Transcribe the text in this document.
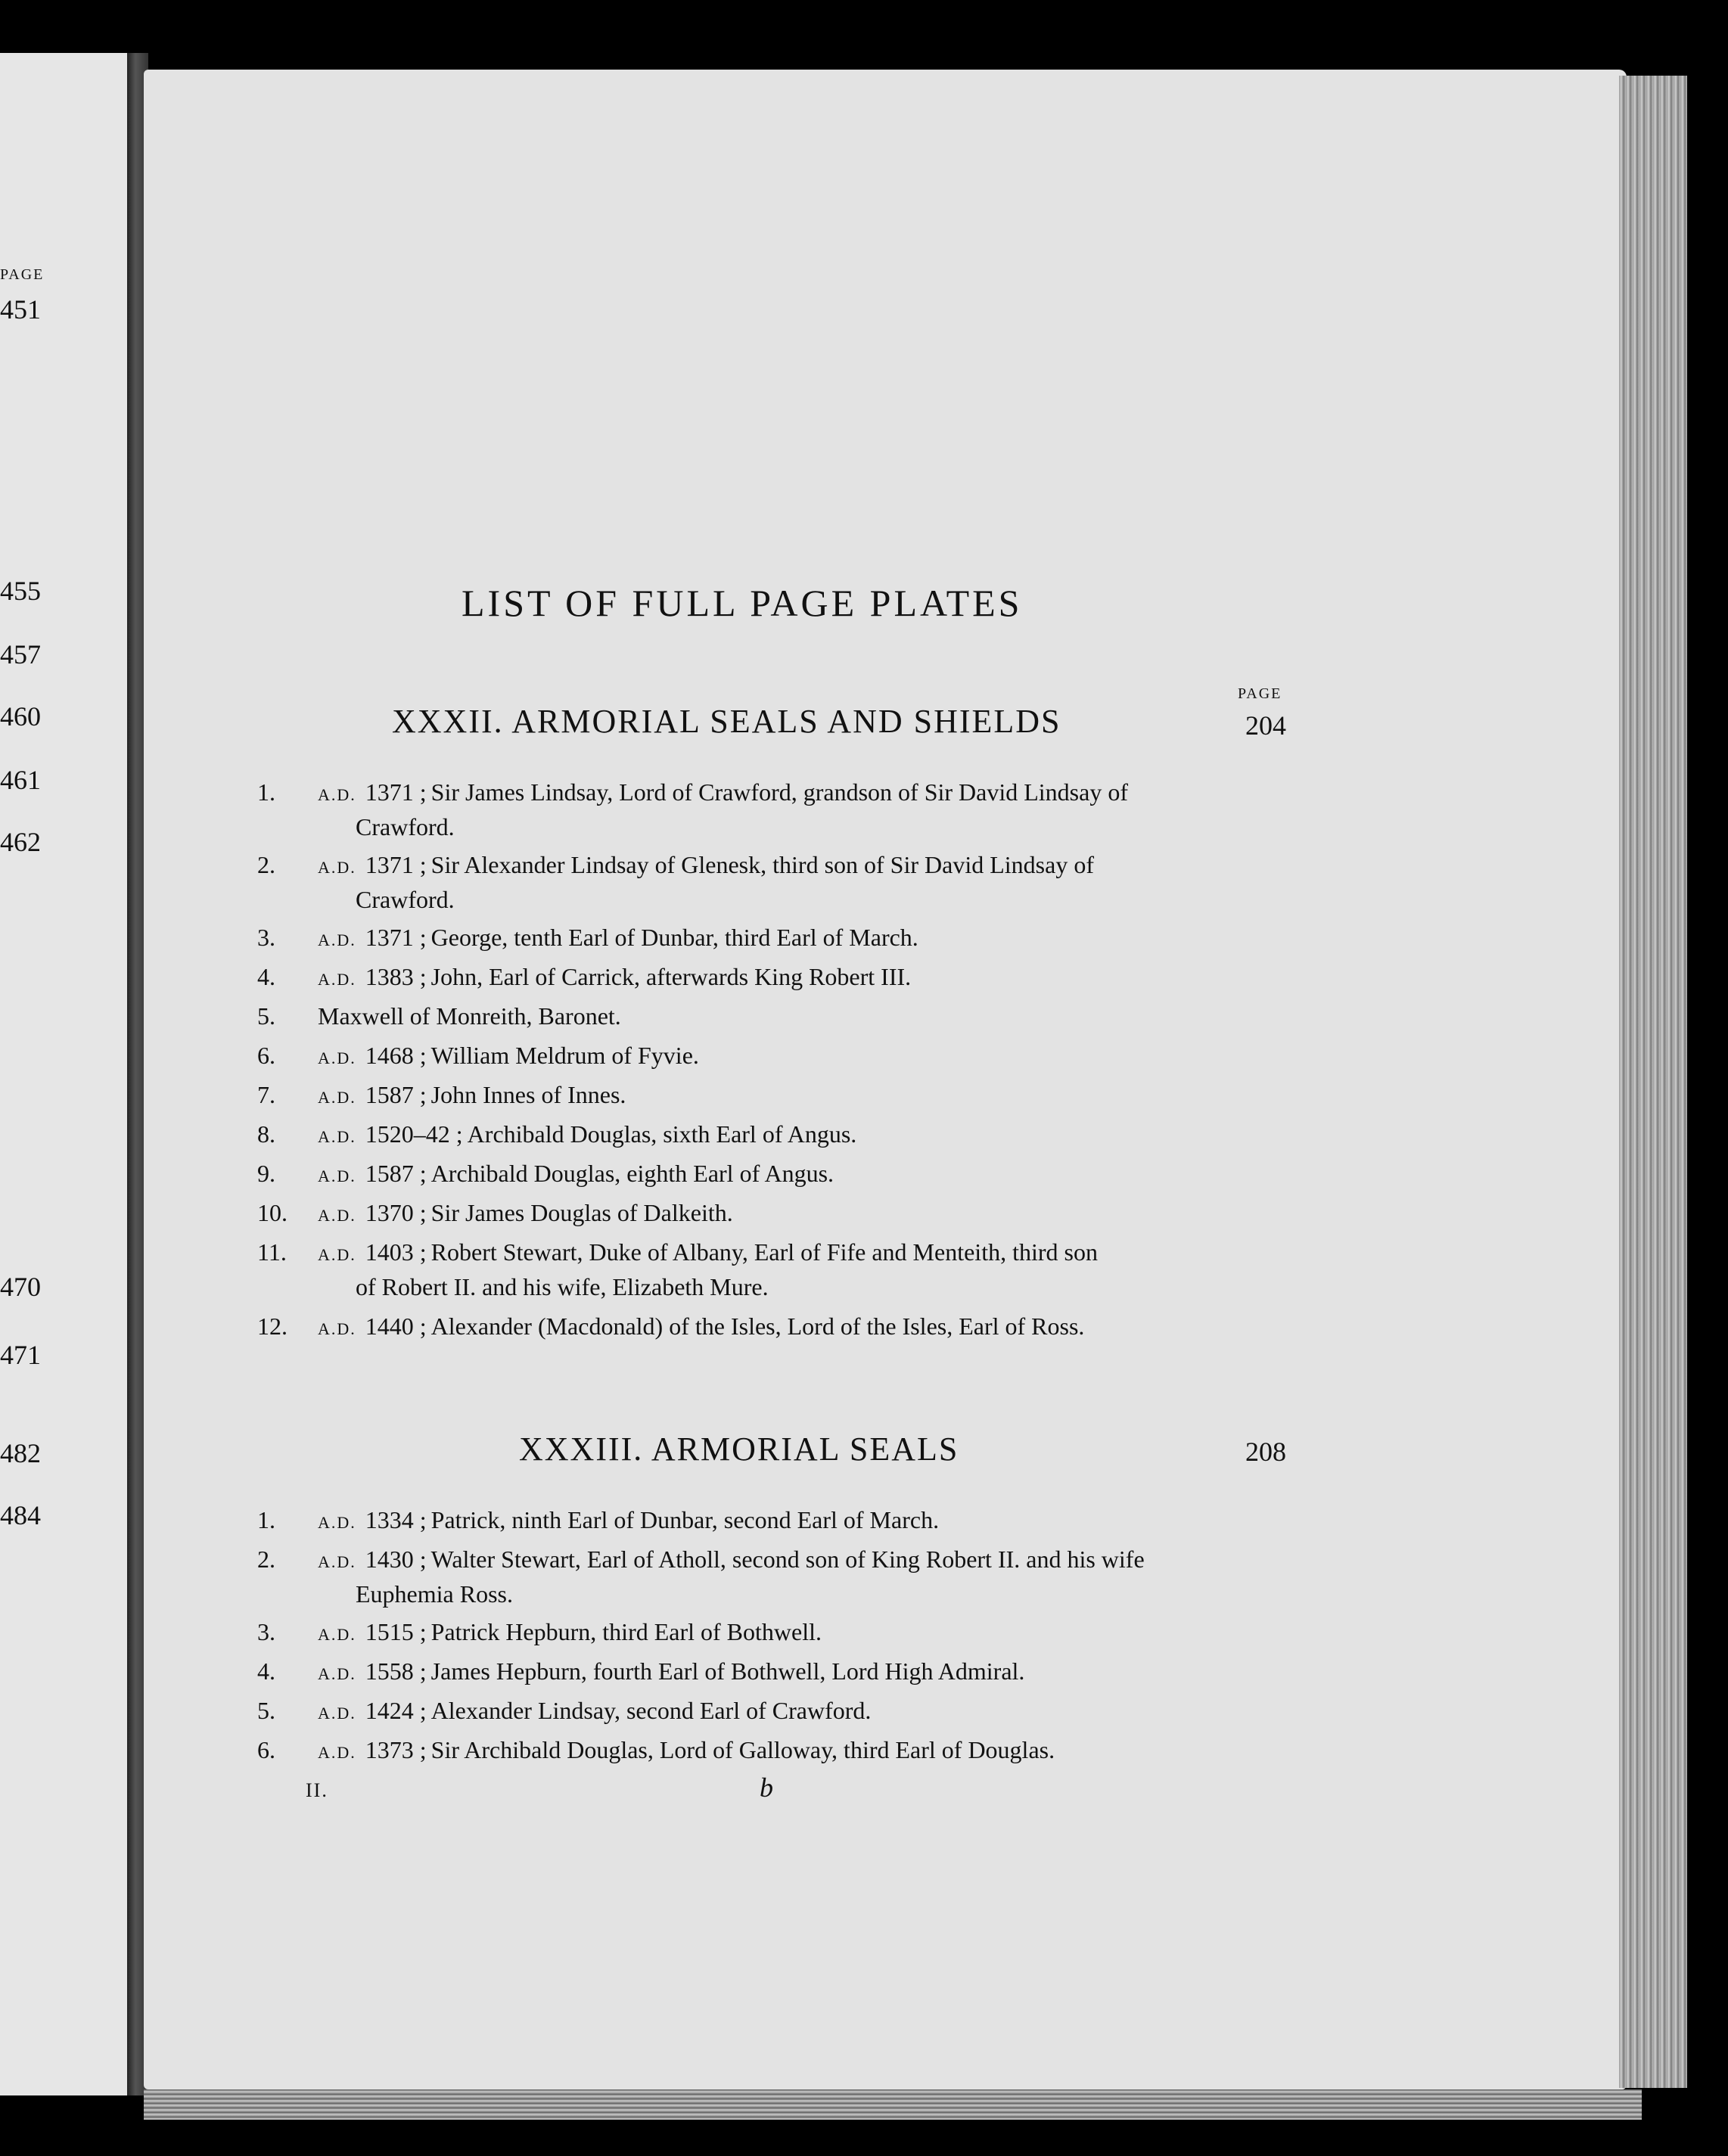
PAGE
451
455
457
460
461
462
470
471
482
484
LIST OF FULL PAGE PLATES
PAGE
XXXII. ARMORIAL SEALS AND SHIELDS	204
1.	A.D. 1371 ; Sir James Lindsay, Lord of Crawford, grandson of Sir David Lindsay of
Crawford.
2.	A.D. 1371 ; Sir Alexander Lindsay of Glenesk, third son of Sir David Lindsay of
Crawford.
3.	A.D. 1371 ; George, tenth Earl of Dunbar, third Earl of March.
4.	A.D. 1383 ; John, Earl of Carrick, afterwards King Robert III.
5.	Maxwell of Monreith, Baronet.
6.	A.D. 1468 ; William Meldrum of Fyvie.
7.	A.D. 1587 ; John Innes of Innes.
8.	A.D. 1520–42 ; Archibald Douglas, sixth Earl of Angus.
9.	A.D. 1587 ; Archibald Douglas, eighth Earl of Angus.
10.	A.D. 1370 ; Sir James Douglas of Dalkeith.
11.	A.D. 1403 ; Robert Stewart, Duke of Albany, Earl of Fife and Menteith, third son
of Robert II. and his wife, Elizabeth Mure.
12.	A.D. 1440 ; Alexander (Macdonald) of the Isles, Lord of the Isles, Earl of Ross.
XXXIII. ARMORIAL SEALS	208
1.	A.D. 1334 ; Patrick, ninth Earl of Dunbar, second Earl of March.
2.	A.D. 1430 ; Walter Stewart, Earl of Atholl, second son of King Robert II. and his wife
Euphemia Ross.
3.	A.D. 1515 ; Patrick Hepburn, third Earl of Bothwell.
4.	A.D. 1558 ; James Hepburn, fourth Earl of Bothwell, Lord High Admiral.
5.	A.D. 1424 ; Alexander Lindsay, second Earl of Crawford.
6.	A.D. 1373 ; Sir Archibald Douglas, Lord of Galloway, third Earl of Douglas.
II.	b
